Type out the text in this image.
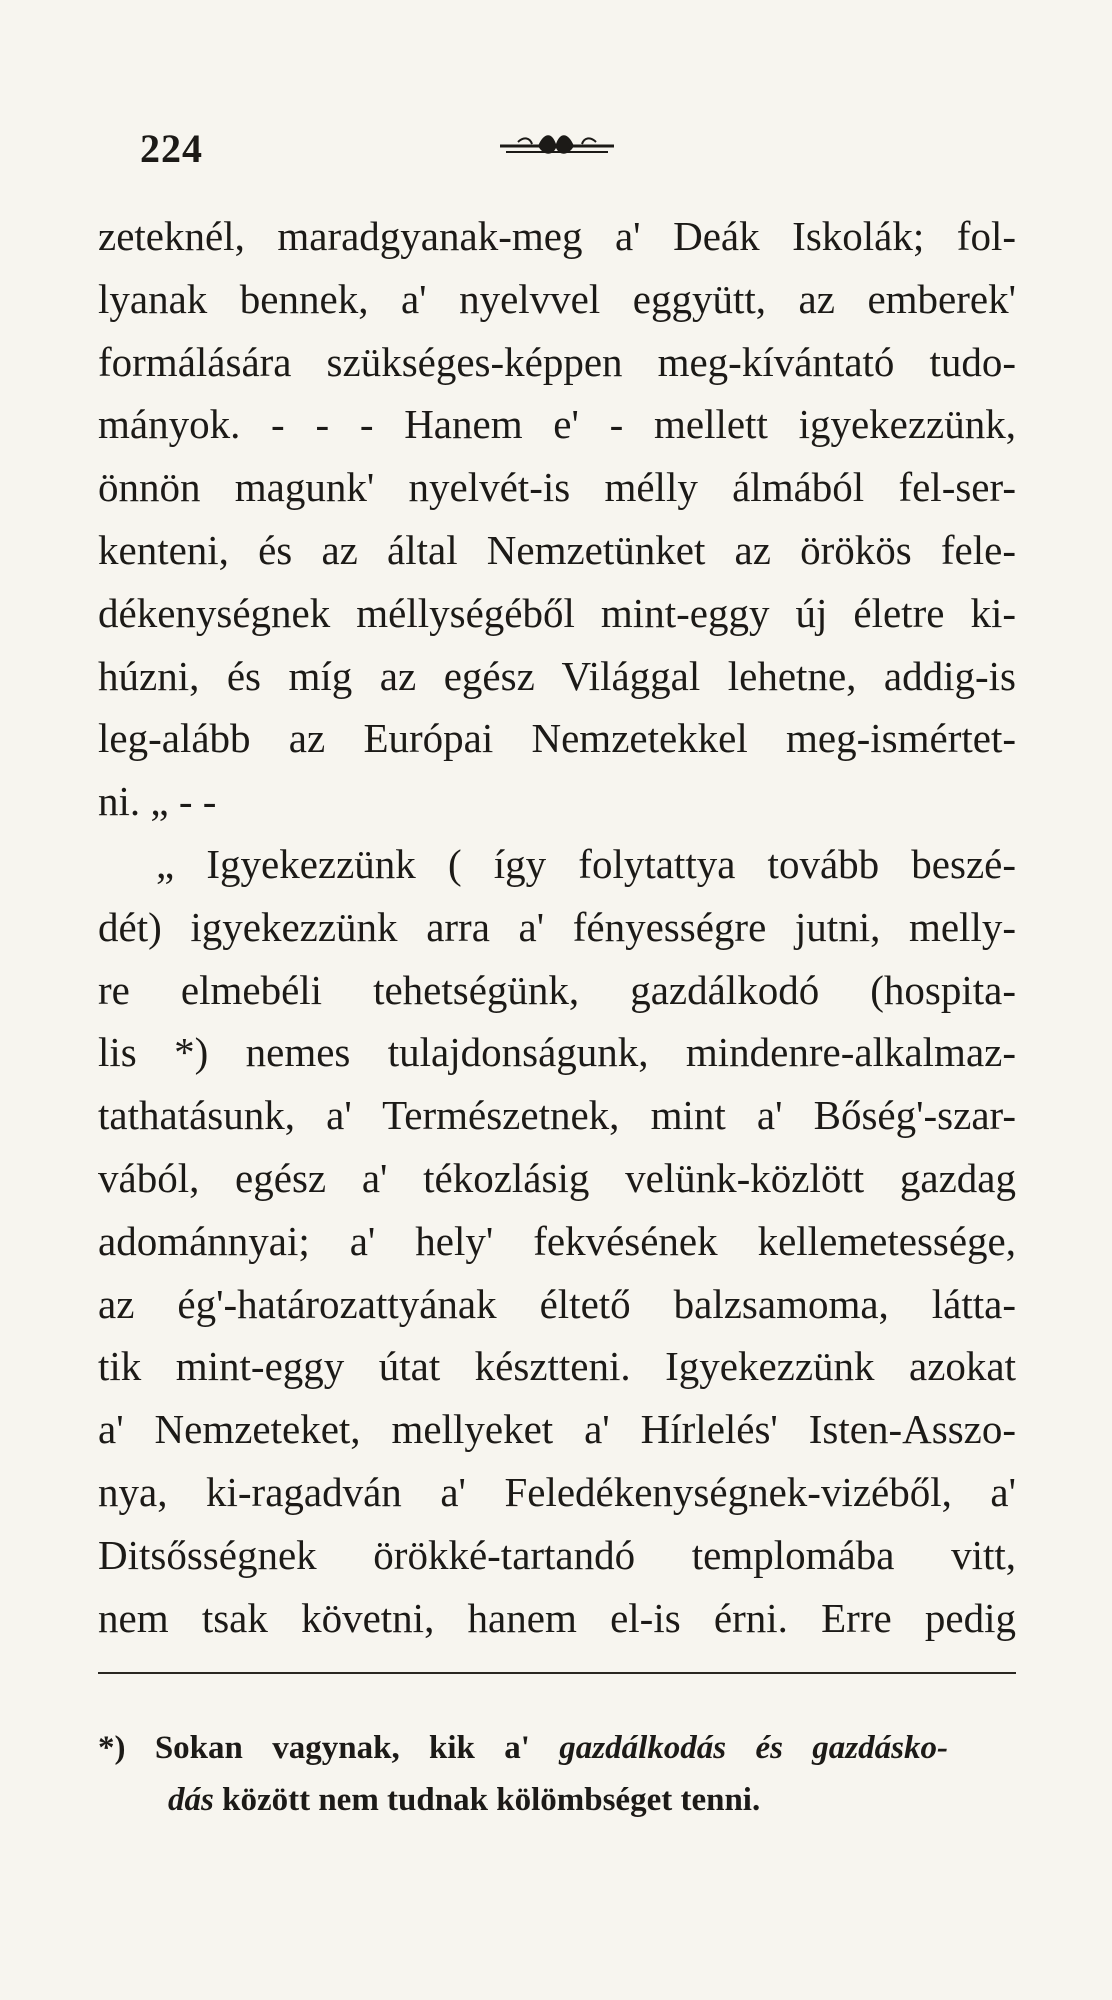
224
zeteknél, maradgyanak-meg a' Deák Iskolák; fol-
lyanak bennek, a' nyelvvel eggyütt, az emberek'
formálására szükséges-képpen meg-kívántató tudo-
mányok. - - - Hanem e' - mellett igyekezzünk,
önnön magunk' nyelvét-is mélly álmából fel-ser-
kenteni, és az által Nemzetünket az örökös fele-
dékenységnek méllységéből mint-eggy új életre ki-
húzni, és míg az egész Világgal lehetne, addig-is
leg-alább az Európai Nemzetekkel meg-ismértet-
ni. „ - -
„ Igyekezzünk ( így folytattya tovább beszé-
dét) igyekezzünk arra a' fényességre jutni, melly-
re elmebéli tehetségünk, gazdálkodó (hospita-
lis *) nemes tulajdonságunk, mindenre-alkalmaz-
tathatásunk, a' Természetnek, mint a' Bőség'-szar-
vából, egész a' tékozlásig velünk-közlött gazdag
adománnyai; a' hely' fekvésének kellemetessége,
az ég'-határozattyának éltető balzsamoma, látta-
tik mint-eggy útat késztteni. Igyekezzünk azokat
a' Nemzeteket, mellyeket a' Hírlelés' Isten-Asszo-
nya, ki-ragadván a' Feledékenységnek-vizéből, a'
Ditsősségnek örökké-tartandó templomába vitt,
nem tsak követni, hanem el-is érni. Erre pedig
*) Sokan vagynak, kik a' gazdálkodás és gazdásko-
dás között nem tudnak kölömbséget tenni.
